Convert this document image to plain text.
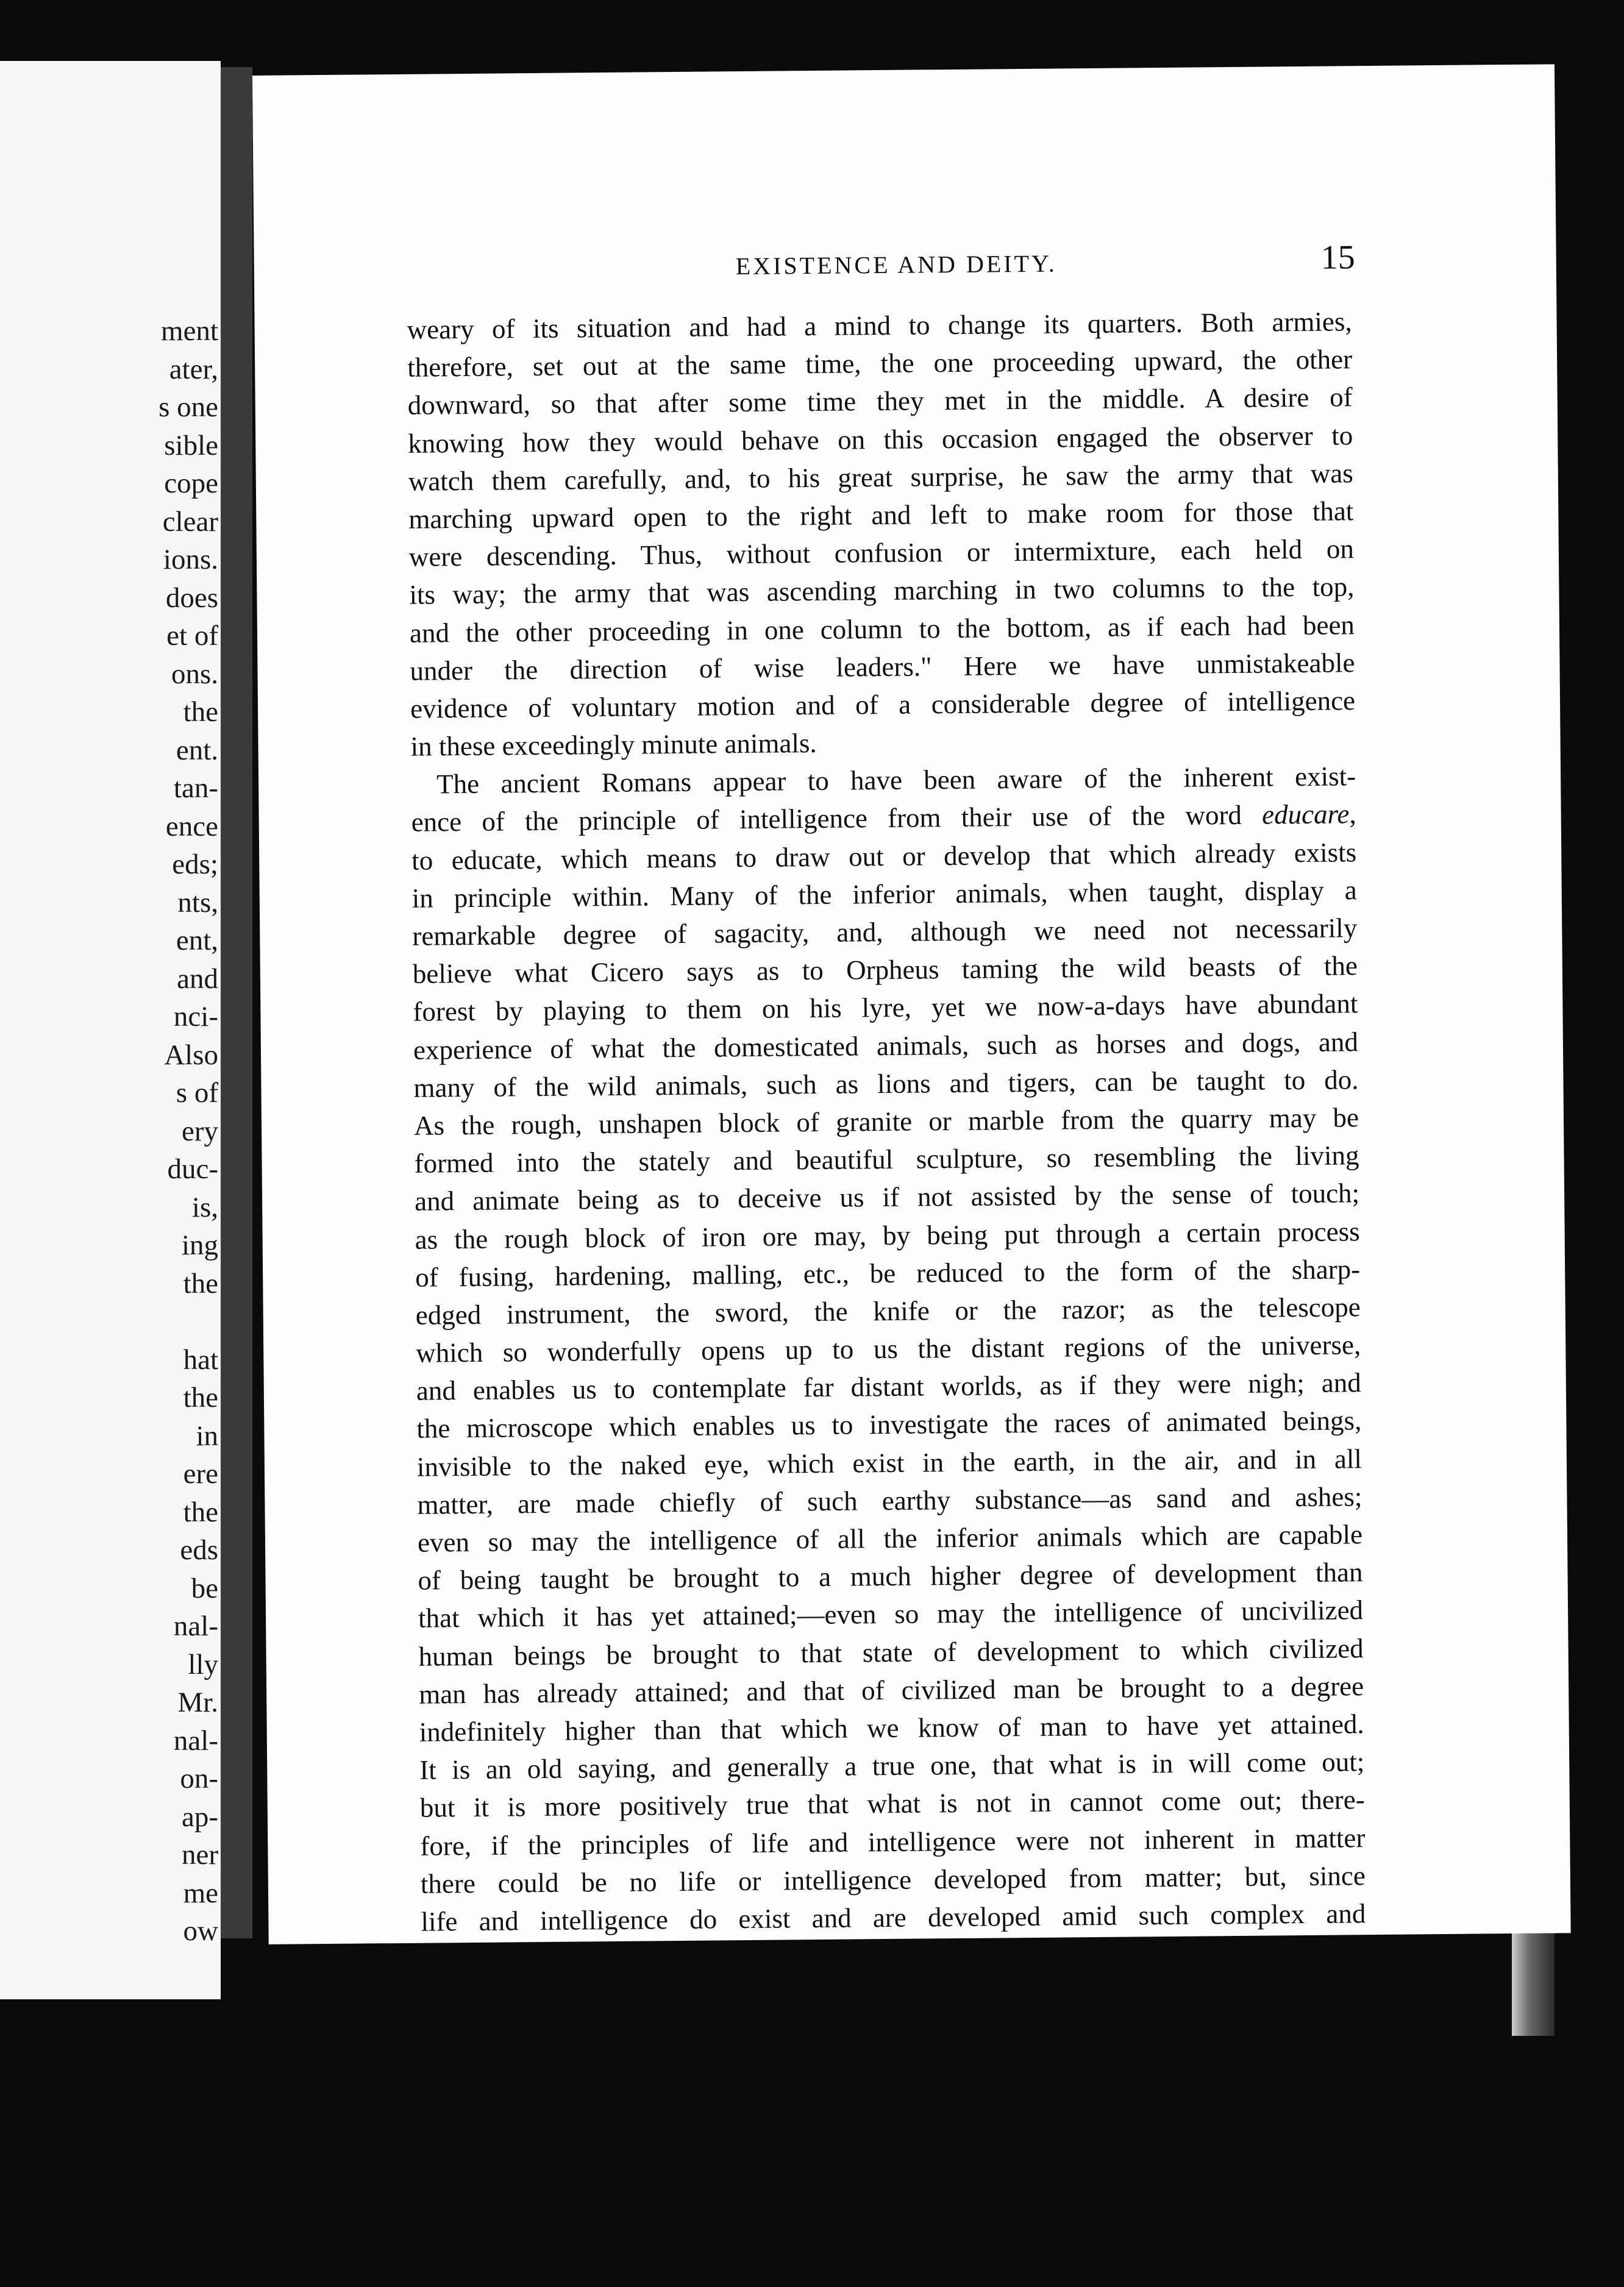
ment
ater,
s one
sible
cope
clear
ions.
does
et of
ons.
the
ent.
tan-
ence
eds;
nts,
ent,
and
nci-
Also
s of
ery
duc-
is,
ing
the
hat
the
in
ere
the
eds
be
nal-
lly
Mr.
nal-
on-
ap-
ner
me
ow
EXISTENCE AND DEITY.	15
weary of its situation and had a mind to change its quarters. Both armies,
therefore, set out at the same time, the one proceeding upward, the other
downward, so that after some time they met in the middle. A desire of
knowing how they would behave on this occasion engaged the observer to
watch them carefully, and, to his great surprise, he saw the army that was
marching upward open to the right and left to make room for those that
were descending. Thus, without confusion or intermixture, each held on
its way; the army that was ascending marching in two columns to the top,
and the other proceeding in one column to the bottom, as if each had been
under the direction of wise leaders." Here we have unmistakeable
evidence of voluntary motion and of a considerable degree of intelligence
in these exceedingly minute animals.
The ancient Romans appear to have been aware of the inherent exist-
ence of the principle of intelligence from their use of the word educare,
to educate, which means to draw out or develop that which already exists
in principle within. Many of the inferior animals, when taught, display a
remarkable degree of sagacity, and, although we need not necessarily
believe what Cicero says as to Orpheus taming the wild beasts of the
forest by playing to them on his lyre, yet we now-a-days have abundant
experience of what the domesticated animals, such as horses and dogs, and
many of the wild animals, such as lions and tigers, can be taught to do.
As the rough, unshapen block of granite or marble from the quarry may be
formed into the stately and beautiful sculpture, so resembling the living
and animate being as to deceive us if not assisted by the sense of touch;
as the rough block of iron ore may, by being put through a certain process
of fusing, hardening, malling, etc., be reduced to the form of the sharp-
edged instrument, the sword, the knife or the razor; as the telescope
which so wonderfully opens up to us the distant regions of the universe,
and enables us to contemplate far distant worlds, as if they were nigh; and
the microscope which enables us to investigate the races of animated beings,
invisible to the naked eye, which exist in the earth, in the air, and in all
matter, are made chiefly of such earthy substance—as sand and ashes;
even so may the intelligence of all the inferior animals which are capable
of being taught be brought to a much higher degree of development than
that which it has yet attained;—even so may the intelligence of uncivilized
human beings be brought to that state of development to which civilized
man has already attained; and that of civilized man be brought to a degree
indefinitely higher than that which we know of man to have yet attained.
It is an old saying, and generally a true one, that what is in will come out;
but it is more positively true that what is not in cannot come out; there-
fore, if the principles of life and intelligence were not inherent in matter
there could be no life or intelligence developed from matter; but, since
life and intelligence do exist and are developed amid such complex and
